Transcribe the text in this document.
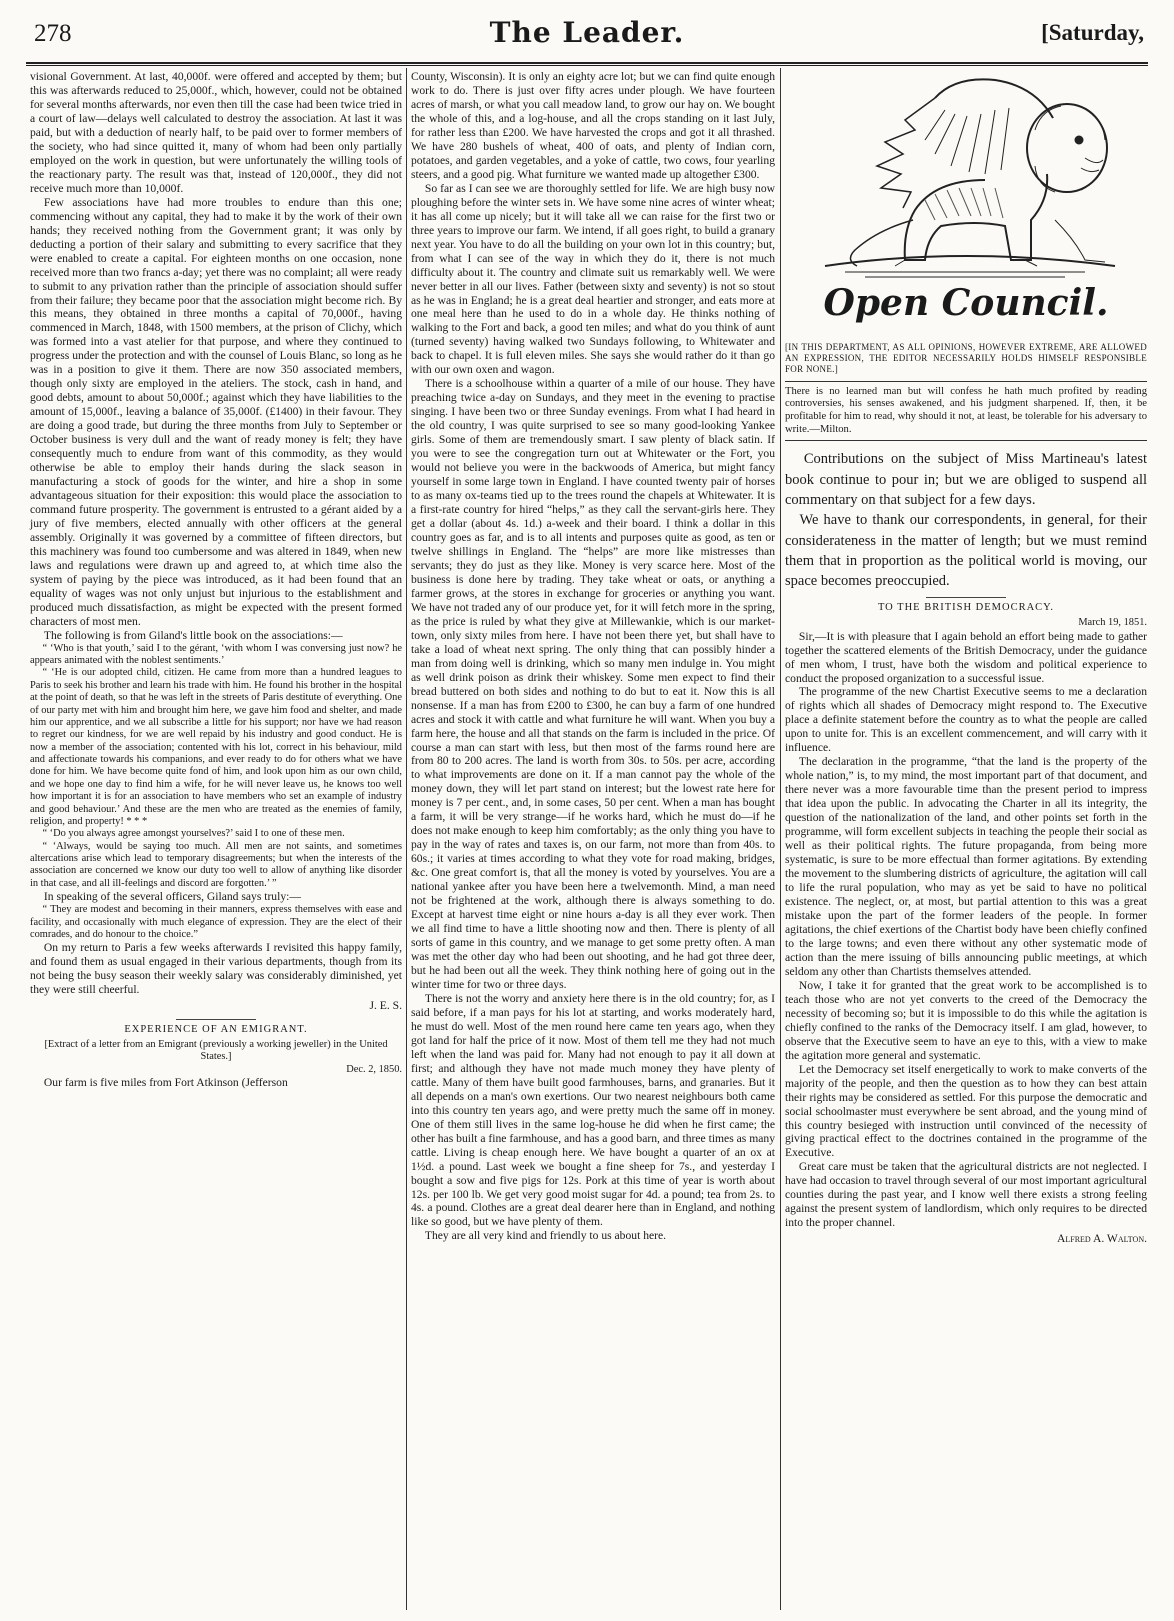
278	The Leader.	[Saturday,

visional Government. At last, 40,000f. were offered and accepted by them; but this was afterwards reduced to 25,000f., which, however, could not be obtained for several months afterwards, nor even then till the case had been twice tried in a court of law—delays well calculated to destroy the association. At last it was paid, but with a deduction of nearly half, to be paid over to former members of the society, who had since quitted it, many of whom had been only partially employed on the work in question, but were unfortunately the willing tools of the reactionary party. The result was that, instead of 120,000f., they did not receive much more than 10,000f.

Few associations have had more troubles to endure than this one; commencing without any capital, they had to make it by the work of their own hands; they received nothing from the Government grant; it was only by deducting a portion of their salary and submitting to every sacrifice that they were enabled to create a capital. For eighteen months on one occasion, none received more than two francs a-day; yet there was no complaint; all were ready to submit to any privation rather than the principle of association should suffer from their failure; they became poor that the association might become rich. By this means, they obtained in three months a capital of 70,000f., having commenced in March, 1848, with 1500 members, at the prison of Clichy, which was formed into a vast atelier for that purpose, and where they continued to progress under the protection and with the counsel of Louis Blanc, so long as he was in a position to give it them. There are now 350 associated members, though only sixty are employed in the ateliers. The stock, cash in hand, and good debts, amount to about 50,000f.; against which they have liabilities to the amount of 15,000f., leaving a balance of 35,000f. (£1400) in their favour. They are doing a good trade, but during the three months from July to September or October business is very dull and the want of ready money is felt; they have consequently much to endure from want of this commodity, as they would otherwise be able to employ their hands during the slack season in manufacturing a stock of goods for the winter, and hire a shop in some advantageous situation for their exposition: this would place the association to command future prosperity. The government is entrusted to a gérant aided by a jury of five members, elected annually with other officers at the general assembly. Originally it was governed by a committee of fifteen directors, but this machinery was found too cumbersome and was altered in 1849, when new laws and regulations were drawn up and agreed to, at which time also the system of paying by the piece was introduced, as it had been found that an equality of wages was not only unjust but injurious to the establishment and produced much dissatisfaction, as might be expected with the present formed characters of most men.

The following is from Giland's little book on the associations:—

“ ‘Who is that youth,’ said I to the gérant, ‘with whom I was conversing just now? he appears animated with the noblest sentiments.’

“ ‘He is our adopted child, citizen. He came from more than a hundred leagues to Paris to seek his brother and learn his trade with him. He found his brother in the hospital at the point of death, so that he was left in the streets of Paris destitute of everything. One of our party met with him and brought him here, we gave him food and shelter, and made him our apprentice, and we all subscribe a little for his support; nor have we had reason to regret our kindness, for we are well repaid by his industry and good conduct. He is now a member of the association; contented with his lot, correct in his behaviour, mild and affectionate towards his companions, and ever ready to do for others what we have done for him. We have become quite fond of him, and look upon him as our own child, and we hope one day to find him a wife, for he will never leave us, he knows too well how important it is for an association to have members who set an example of industry and good behaviour.’ And these are the men who are treated as the enemies of family, religion, and property! * * *

“ ‘Do you always agree amongst yourselves?’ said I to one of these men.

“ ‘Always, would be saying too much. All men are not saints, and sometimes altercations arise which lead to temporary disagreements; but when the interests of the association are concerned we know our duty too well to allow of anything like disorder in that case, and all ill-feelings and discord are forgotten.’ ”

In speaking of the several officers, Giland says truly:—

“ They are modest and becoming in their manners, express themselves with ease and facility, and occasionally with much elegance of expression. They are the elect of their comrades, and do honour to the choice.”

On my return to Paris a few weeks afterwards I revisited this happy family, and found them as usual engaged in their various departments, though from its not being the busy season their weekly salary was considerably diminished, yet they were still cheerful.

J. E. S.

EXPERIENCE OF AN EMIGRANT.

[Extract of a letter from an Emigrant (previously a working jeweller) in the United States.]

Dec. 2, 1850.

Our farm is five miles from Fort Atkinson (Jefferson

County, Wisconsin). It is only an eighty acre lot; but we can find quite enough work to do. There is just over fifty acres under plough. We have fourteen acres of marsh, or what you call meadow land, to grow our hay on. We bought the whole of this, and a log-house, and all the crops standing on it last July, for rather less than £200. We have harvested the crops and got it all thrashed. We have 280 bushels of wheat, 400 of oats, and plenty of Indian corn, potatoes, and garden vegetables, and a yoke of cattle, two cows, four yearling steers, and a good pig. What furniture we wanted made up altogether £300.

So far as I can see we are thoroughly settled for life. We are high busy now ploughing before the winter sets in. We have some nine acres of winter wheat; it has all come up nicely; but it will take all we can raise for the first two or three years to improve our farm. We intend, if all goes right, to build a granary next year. You have to do all the building on your own lot in this country; but, from what I can see of the way in which they do it, there is not much difficulty about it. The country and climate suit us remarkably well. We were never better in all our lives. Father (between sixty and seventy) is not so stout as he was in England; he is a great deal heartier and stronger, and eats more at one meal here than he used to do in a whole day. He thinks nothing of walking to the Fort and back, a good ten miles; and what do you think of aunt (turned seventy) having walked two Sundays following, to Whitewater and back to chapel. It is full eleven miles. She says she would rather do it than go with our own oxen and wagon.

There is a schoolhouse within a quarter of a mile of our house. They have preaching twice a-day on Sundays, and they meet in the evening to practise singing. I have been two or three Sunday evenings. From what I had heard in the old country, I was quite surprised to see so many good-looking Yankee girls. Some of them are tremendously smart. I saw plenty of black satin. If you were to see the congregation turn out at Whitewater or the Fort, you would not believe you were in the backwoods of America, but might fancy yourself in some large town in England. I have counted twenty pair of horses to as many ox-teams tied up to the trees round the chapels at Whitewater. It is a first-rate country for hired “helps,” as they call the servant-girls here. They get a dollar (about 4s. 1d.) a-week and their board. I think a dollar in this country goes as far, and is to all intents and purposes quite as good, as ten or twelve shillings in England. The “helps” are more like mistresses than servants; they do just as they like. Money is very scarce here. Most of the business is done here by trading. They take wheat or oats, or anything a farmer grows, at the stores in exchange for groceries or anything you want. We have not traded any of our produce yet, for it will fetch more in the spring, as the price is ruled by what they give at Millewankie, which is our market-town, only sixty miles from here. I have not been there yet, but shall have to take a load of wheat next spring. The only thing that can possibly hinder a man from doing well is drinking, which so many men indulge in. You might as well drink poison as drink their whiskey. Some men expect to find their bread buttered on both sides and nothing to do but to eat it. Now this is all nonsense. If a man has from £200 to £300, he can buy a farm of one hundred acres and stock it with cattle and what furniture he will want. When you buy a farm here, the house and all that stands on the farm is included in the price. Of course a man can start with less, but then most of the farms round here are from 80 to 200 acres. The land is worth from 30s. to 50s. per acre, according to what improvements are done on it. If a man cannot pay the whole of the money down, they will let part stand on interest; but the lowest rate here for money is 7 per cent., and, in some cases, 50 per cent. When a man has bought a farm, it will be very strange—if he works hard, which he must do—if he does not make enough to keep him comfortably; as the only thing you have to pay in the way of rates and taxes is, on our farm, not more than from 40s. to 60s.; it varies at times according to what they vote for road making, bridges, &c. One great comfort is, that all the money is voted by yourselves. You are a national yankee after you have been here a twelvemonth. Mind, a man need not be frightened at the work, although there is always something to do. Except at harvest time eight or nine hours a-day is all they ever work. Then we all find time to have a little shooting now and then. There is plenty of all sorts of game in this country, and we manage to get some pretty often. A man was met the other day who had been out shooting, and he had got three deer, but he had been out all the week. They think nothing here of going out in the winter time for two or three days.

There is not the worry and anxiety here there is in the old country; for, as I said before, if a man pays for his lot at starting, and works moderately hard, he must do well. Most of the men round here came ten years ago, when they got land for half the price of it now. Most of them tell me they had not much left when the land was paid for. Many had not enough to pay it all down at first; and although they have not made much money they have plenty of cattle. Many of them have built good farmhouses, barns, and granaries. But it all depends on a man's own exertions. Our two nearest neighbours both came into this country ten years ago, and were pretty much the same off in money. One of them still lives in the same log-house he did when he first came; the other has built a fine farmhouse, and has a good barn, and three times as many cattle. Living is cheap enough here. We have bought a quarter of an ox at 1½d. a pound. Last week we bought a fine sheep for 7s., and yesterday I bought a sow and five pigs for 12s. Pork at this time of year is worth about 12s. per 100 lb. We get very good moist sugar for 4d. a pound; tea from 2s. to 4s. a pound. Clothes are a great deal dearer here than in England, and nothing like so good, but we have plenty of them.

They are all very kind and friendly to us about here.

Open Council.

[IN THIS DEPARTMENT, AS ALL OPINIONS, HOWEVER EXTREME, ARE ALLOWED AN EXPRESSION, THE EDITOR NECESSARILY HOLDS HIMSELF RESPONSIBLE FOR NONE.]

There is no learned man but will confess he hath much profited by reading controversies, his senses awakened, and his judgment sharpened. If, then, it be profitable for him to read, why should it not, at least, be tolerable for his adversary to write.—Milton.

Contributions on the subject of Miss Martineau's latest book continue to pour in; but we are obliged to suspend all commentary on that subject for a few days.

We have to thank our correspondents, in general, for their considerateness in the matter of length; but we must remind them that in proportion as the political world is moving, our space becomes preoccupied.

TO THE BRITISH DEMOCRACY.

March 19, 1851.

Sir,—It is with pleasure that I again behold an effort being made to gather together the scattered elements of the British Democracy, under the guidance of men whom, I trust, have both the wisdom and political experience to conduct the proposed organization to a successful issue.

The programme of the new Chartist Executive seems to me a declaration of rights which all shades of Democracy might respond to. The Executive place a definite statement before the country as to what the people are called upon to unite for. This is an excellent commencement, and will carry with it influence.

The declaration in the programme, “that the land is the property of the whole nation,” is, to my mind, the most important part of that document, and there never was a more favourable time than the present period to impress that idea upon the public. In advocating the Charter in all its integrity, the question of the nationalization of the land, and other points set forth in the programme, will form excellent subjects in teaching the people their social as well as their political rights. The future propaganda, from being more systematic, is sure to be more effectual than former agitations. By extending the movement to the slumbering districts of agriculture, the agitation will call to life the rural population, who may as yet be said to have no political existence. The neglect, or, at most, but partial attention to this was a great mistake upon the part of the former leaders of the people. In former agitations, the chief exertions of the Chartist body have been chiefly confined to the large towns; and even there without any other systematic mode of action than the mere issuing of bills announcing public meetings, at which seldom any other than Chartists themselves attended.

Now, I take it for granted that the great work to be accomplished is to teach those who are not yet converts to the creed of the Democracy the necessity of becoming so; but it is impossible to do this while the agitation is chiefly confined to the ranks of the Democracy itself. I am glad, however, to observe that the Executive seem to have an eye to this, with a view to make the agitation more general and systematic.

Let the Democracy set itself energetically to work to make converts of the majority of the people, and then the question as to how they can best attain their rights may be considered as settled. For this purpose the democratic and social schoolmaster must everywhere be sent abroad, and the young mind of this country besieged with instruction until convinced of the necessity of giving practical effect to the doctrines contained in the programme of the Executive.

Great care must be taken that the agricultural districts are not neglected. I have had occasion to travel through several of our most important agricultural counties during the past year, and I know well there exists a strong feeling against the present system of landlordism, which only requires to be directed into the proper channel.

Alfred A. Walton.
